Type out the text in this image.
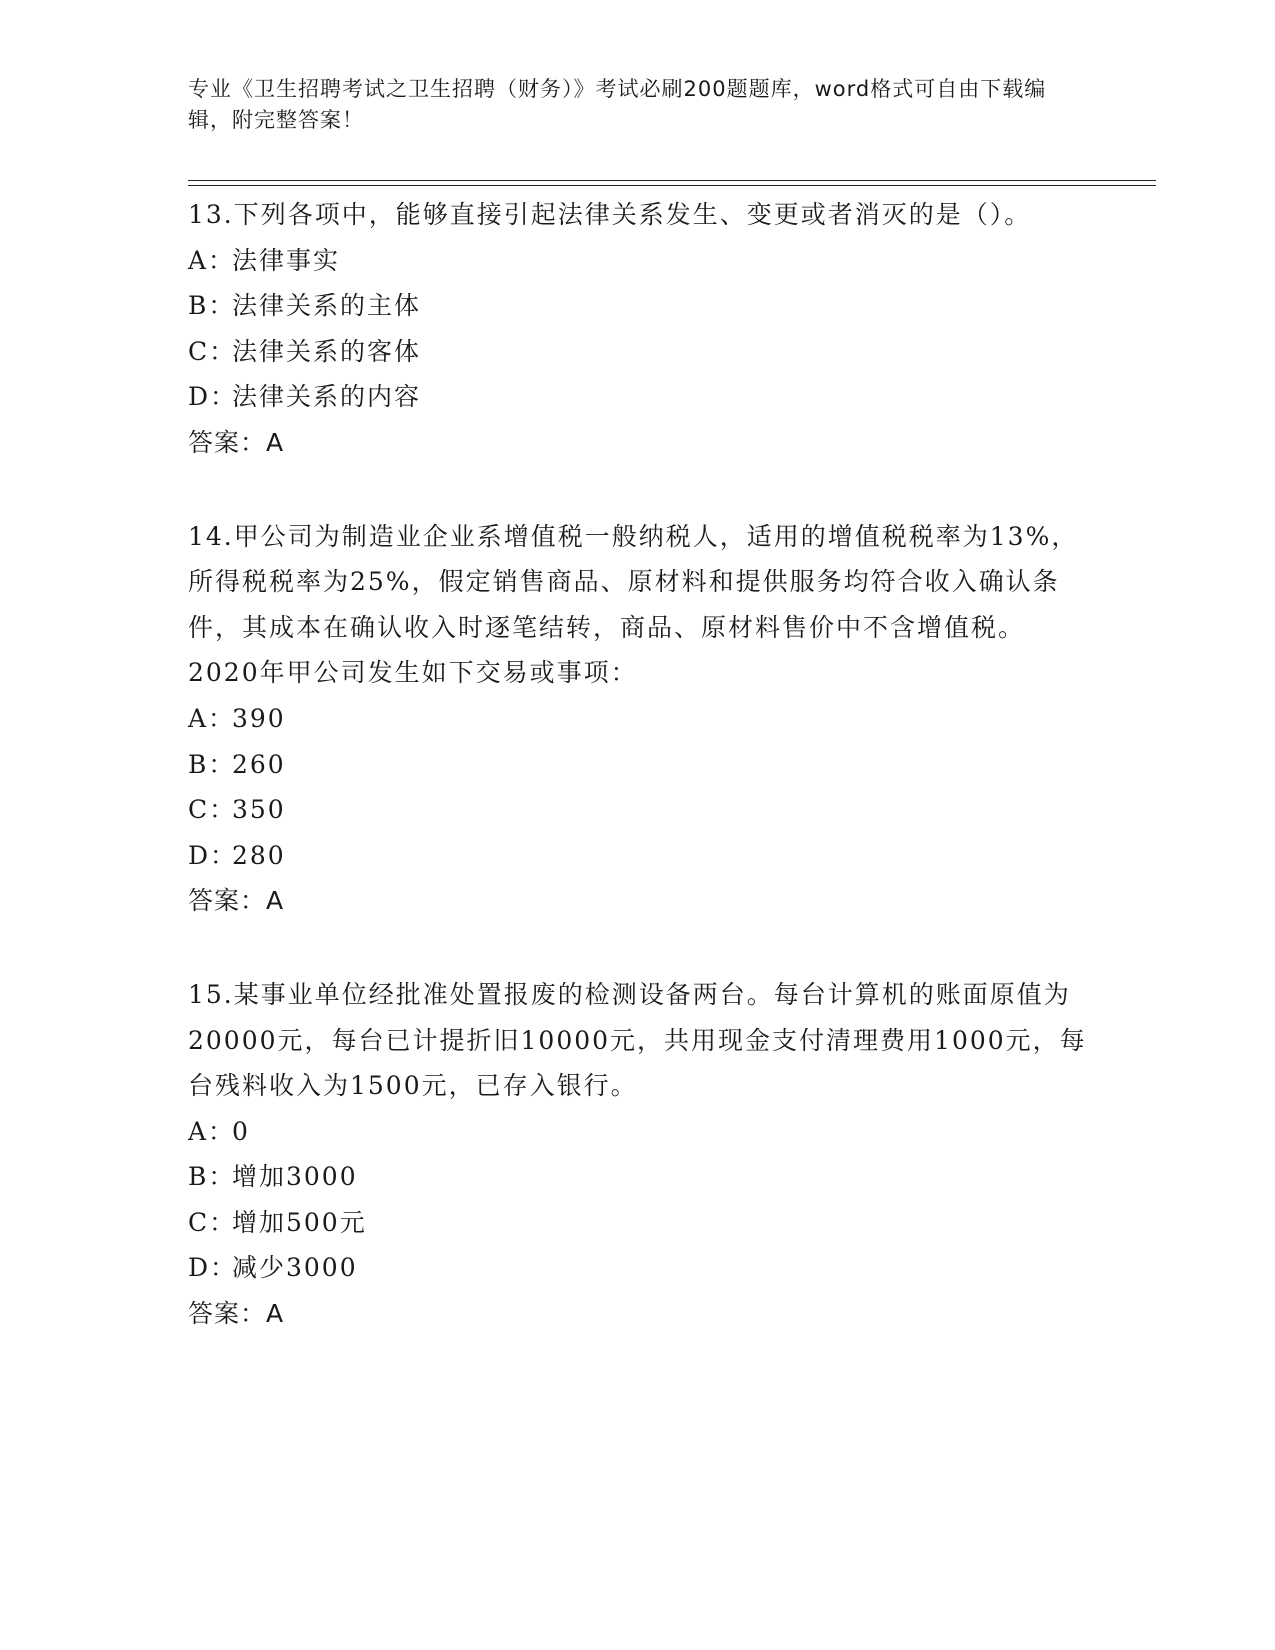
专业《卫生招聘考试之卫生招聘（财务）》考试必刷200题题库，word格式可自由下载编辑，附完整答案！

13.下列各项中，能够直接引起法律关系发生、变更或者消灭的是（）。

A：法律事实

B：法律关系的主体

C：法律关系的客体

D：法律关系的内容

答案：A

14.甲公司为制造业企业系增值税一般纳税人，适用的增值税税率为13%，所得税税率为25%，假定销售商品、原材料和提供服务均符合收入确认条件，其成本在确认收入时逐笔结转，商品、原材料售价中不含增值税。2020年甲公司发生如下交易或事项：

A：390

B：260

C：350

D：280

答案：A

15.某事业单位经批准处置报废的检测设备两台。每台计算机的账面原值为20000元，每台已计提折旧10000元，共用现金支付清理费用1000元，每台残料收入为1500元，已存入银行。

A：0

B：增加3000

C：增加500元

D：减少3000

答案：A
